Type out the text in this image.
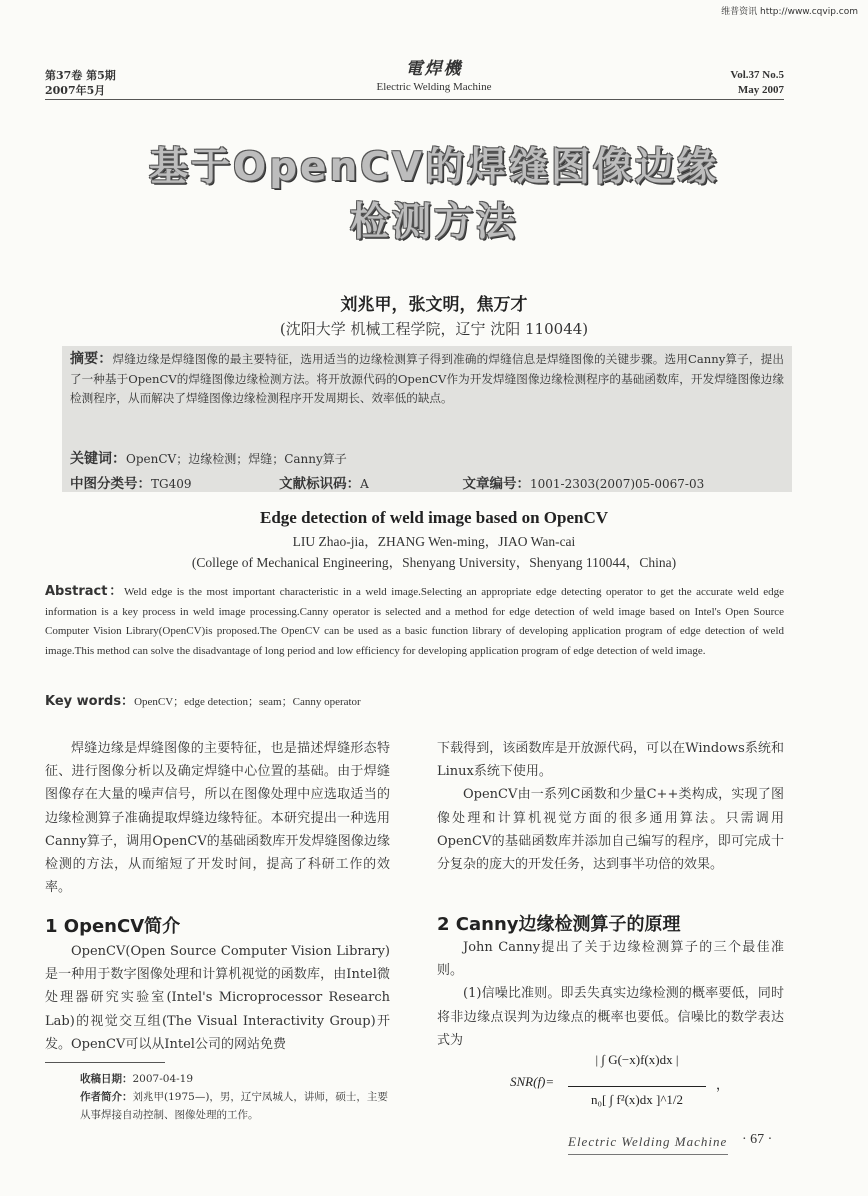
维普资讯 http://www.cqvip.com
第37卷 第5期
2007年5月
電焊機
Electric Welding Machine
Vol.37 No.5
May 2007
基于OpenCV的焊缝图像边缘
检测方法
刘兆甲，张文明，焦万才
(沈阳大学 机械工程学院，辽宁 沈阳 110044)
摘要：焊缝边缘是焊缝图像的最主要特征，选用适当的边缘检测算子得到准确的焊缝信息是焊缝图像的关键步骤。选用Canny算子，提出了一种基于OpenCV的焊缝图像边缘检测方法。将开放源代码的OpenCV作为开发焊缝图像边缘检测程序的基础函数库，开发焊缝图像边缘检测程序，从而解决了焊缝图像边缘检测程序开发周期长、效率低的缺点。
关键词：OpenCV；边缘检测；焊缝；Canny算子
中图分类号：TG409	文献标识码：A	文章编号：1001-2303(2007)05-0067-03
Edge detection of weld image based on OpenCV
LIU Zhao-jia，ZHANG Wen-ming，JIAO Wan-cai
(College of Mechanical Engineering，Shenyang University，Shenyang 110044，China)
Abstract：Weld edge is the most important characteristic in a weld image.Selecting an appropriate edge detecting operator to get the accurate weld edge information is a key process in weld image processing.Canny operator is selected and a method for edge detection of weld image based on Intel's Open Source Computer Vision Library(OpenCV)is proposed.The OpenCV can be used as a basic function library of developing application program of edge detection of weld image.This method can solve the disadvantage of long period and low efficiency for developing application program of edge detection of weld image.
Key words：OpenCV；edge detection；seam；Canny operator

焊缝边缘是焊缝图像的主要特征，也是描述焊缝形态特征、进行图像分析以及确定焊缝中心位置的基础。由于焊缝图像存在大量的噪声信号，所以在图像处理中应选取适当的边缘检测算子准确提取焊缝边缘特征。本研究提出一种选用Canny算子，调用OpenCV的基础函数库开发焊缝图像边缘检测的方法，从而缩短了开发时间，提高了科研工作的效率。

1 OpenCV简介

OpenCV(Open Source Computer Vision Library)是一种用于数字图像处理和计算机视觉的函数库，由Intel微处理器研究实验室(Intel's Microprocessor Research Lab)的视觉交互组(The Visual Interactivity Group)开发。OpenCV可以从Intel公司的网站免费

下载得到，该函数库是开放源代码，可以在Windows系统和Linux系统下使用。

OpenCV由一系列C函数和少量C++类构成，实现了图像处理和计算机视觉方面的很多通用算法。只需调用OpenCV的基础函数库并添加自己编写的程序，即可完成十分复杂的庞大的开发任务，达到事半功倍的效果。

2 Canny边缘检测算子的原理

John Canny提出了关于边缘检测算子的三个最佳准则。

(1)信噪比准则。即丢失真实边缘检测的概率要低，同时将非边缘点误判为边缘点的概率也要低。信噪比的数学表达式为

SNR(f)=
| ∫ G(−x)f(x)dx |
n₀[ ∫ f²(x)dx ]^1/2
，
收稿日期：2007-04-19
作者简介：刘兆甲(1975—)，男，辽宁凤城人，讲师，硕士，主要从事焊接自动控制、图像处理的工作。
Electric Welding Machine · 67 ·
